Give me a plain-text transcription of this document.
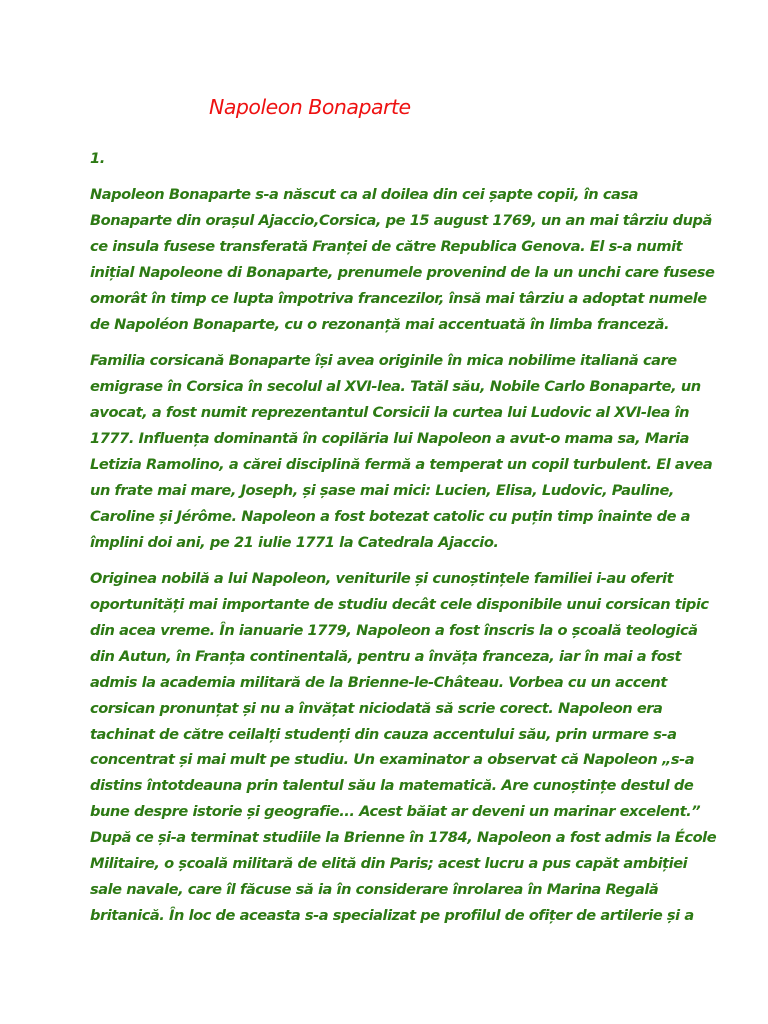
Napoleon Bonaparte

1.

Napoleon Bonaparte s-a născut ca al doilea din cei șapte copii, în casa
Bonaparte din orașul Ajaccio,Corsica, pe 15 august 1769, un an mai târziu după
ce insula fusese transferată Franței de către Republica Genova. El s-a numit
inițial Napoleone di Bonaparte, prenumele provenind de la un unchi care fusese
omorât în timp ce lupta împotriva francezilor, însă mai târziu a adoptat numele
de Napoléon Bonaparte, cu o rezonanță mai accentuată în limba franceză.

Familia corsicană Bonaparte își avea originile în mica nobilime italiană care
emigrase în Corsica în secolul al XVI-lea. Tatăl său, Nobile Carlo Bonaparte, un
avocat, a fost numit reprezentantul Corsicii la curtea lui Ludovic al XVI-lea în
1777. Influența dominantă în copilăria lui Napoleon a avut-o mama sa, Maria
Letizia Ramolino, a cărei disciplină fermă a temperat un copil turbulent. El avea
un frate mai mare, Joseph, și șase mai mici: Lucien, Elisa, Ludovic, Pauline,
Caroline și Jérôme. Napoleon a fost botezat catolic cu puțin timp înainte de a
împlini doi ani, pe 21 iulie 1771 la Catedrala Ajaccio.

Originea nobilă a lui Napoleon, veniturile și cunoștințele familiei i-au oferit
oportunități mai importante de studiu decât cele disponibile unui corsican tipic
din acea vreme. În ianuarie 1779, Napoleon a fost înscris la o școală teologică
din Autun, în Franța continentală, pentru a învăța franceza, iar în mai a fost
admis la academia militară de la Brienne-le-Château. Vorbea cu un accent
corsican pronunțat și nu a învățat niciodată să scrie corect. Napoleon era
tachinat de către ceilalți studenți din cauza accentului său, prin urmare s-a
concentrat și mai mult pe studiu. Un examinator a observat că Napoleon „s-a
distins întotdeauna prin talentul său la matematică. Are cunoștințe destul de
bune despre istorie și geografie... Acest băiat ar deveni un marinar excelent.”
După ce și-a terminat studiile la Brienne în 1784, Napoleon a fost admis la École
Militaire, o școală militară de elită din Paris; acest lucru a pus capăt ambiției
sale navale, care îl făcuse să ia în considerare înrolarea în Marina Regală
britanică. În loc de aceasta s-a specializat pe profilul de ofițer de artilerie și a
